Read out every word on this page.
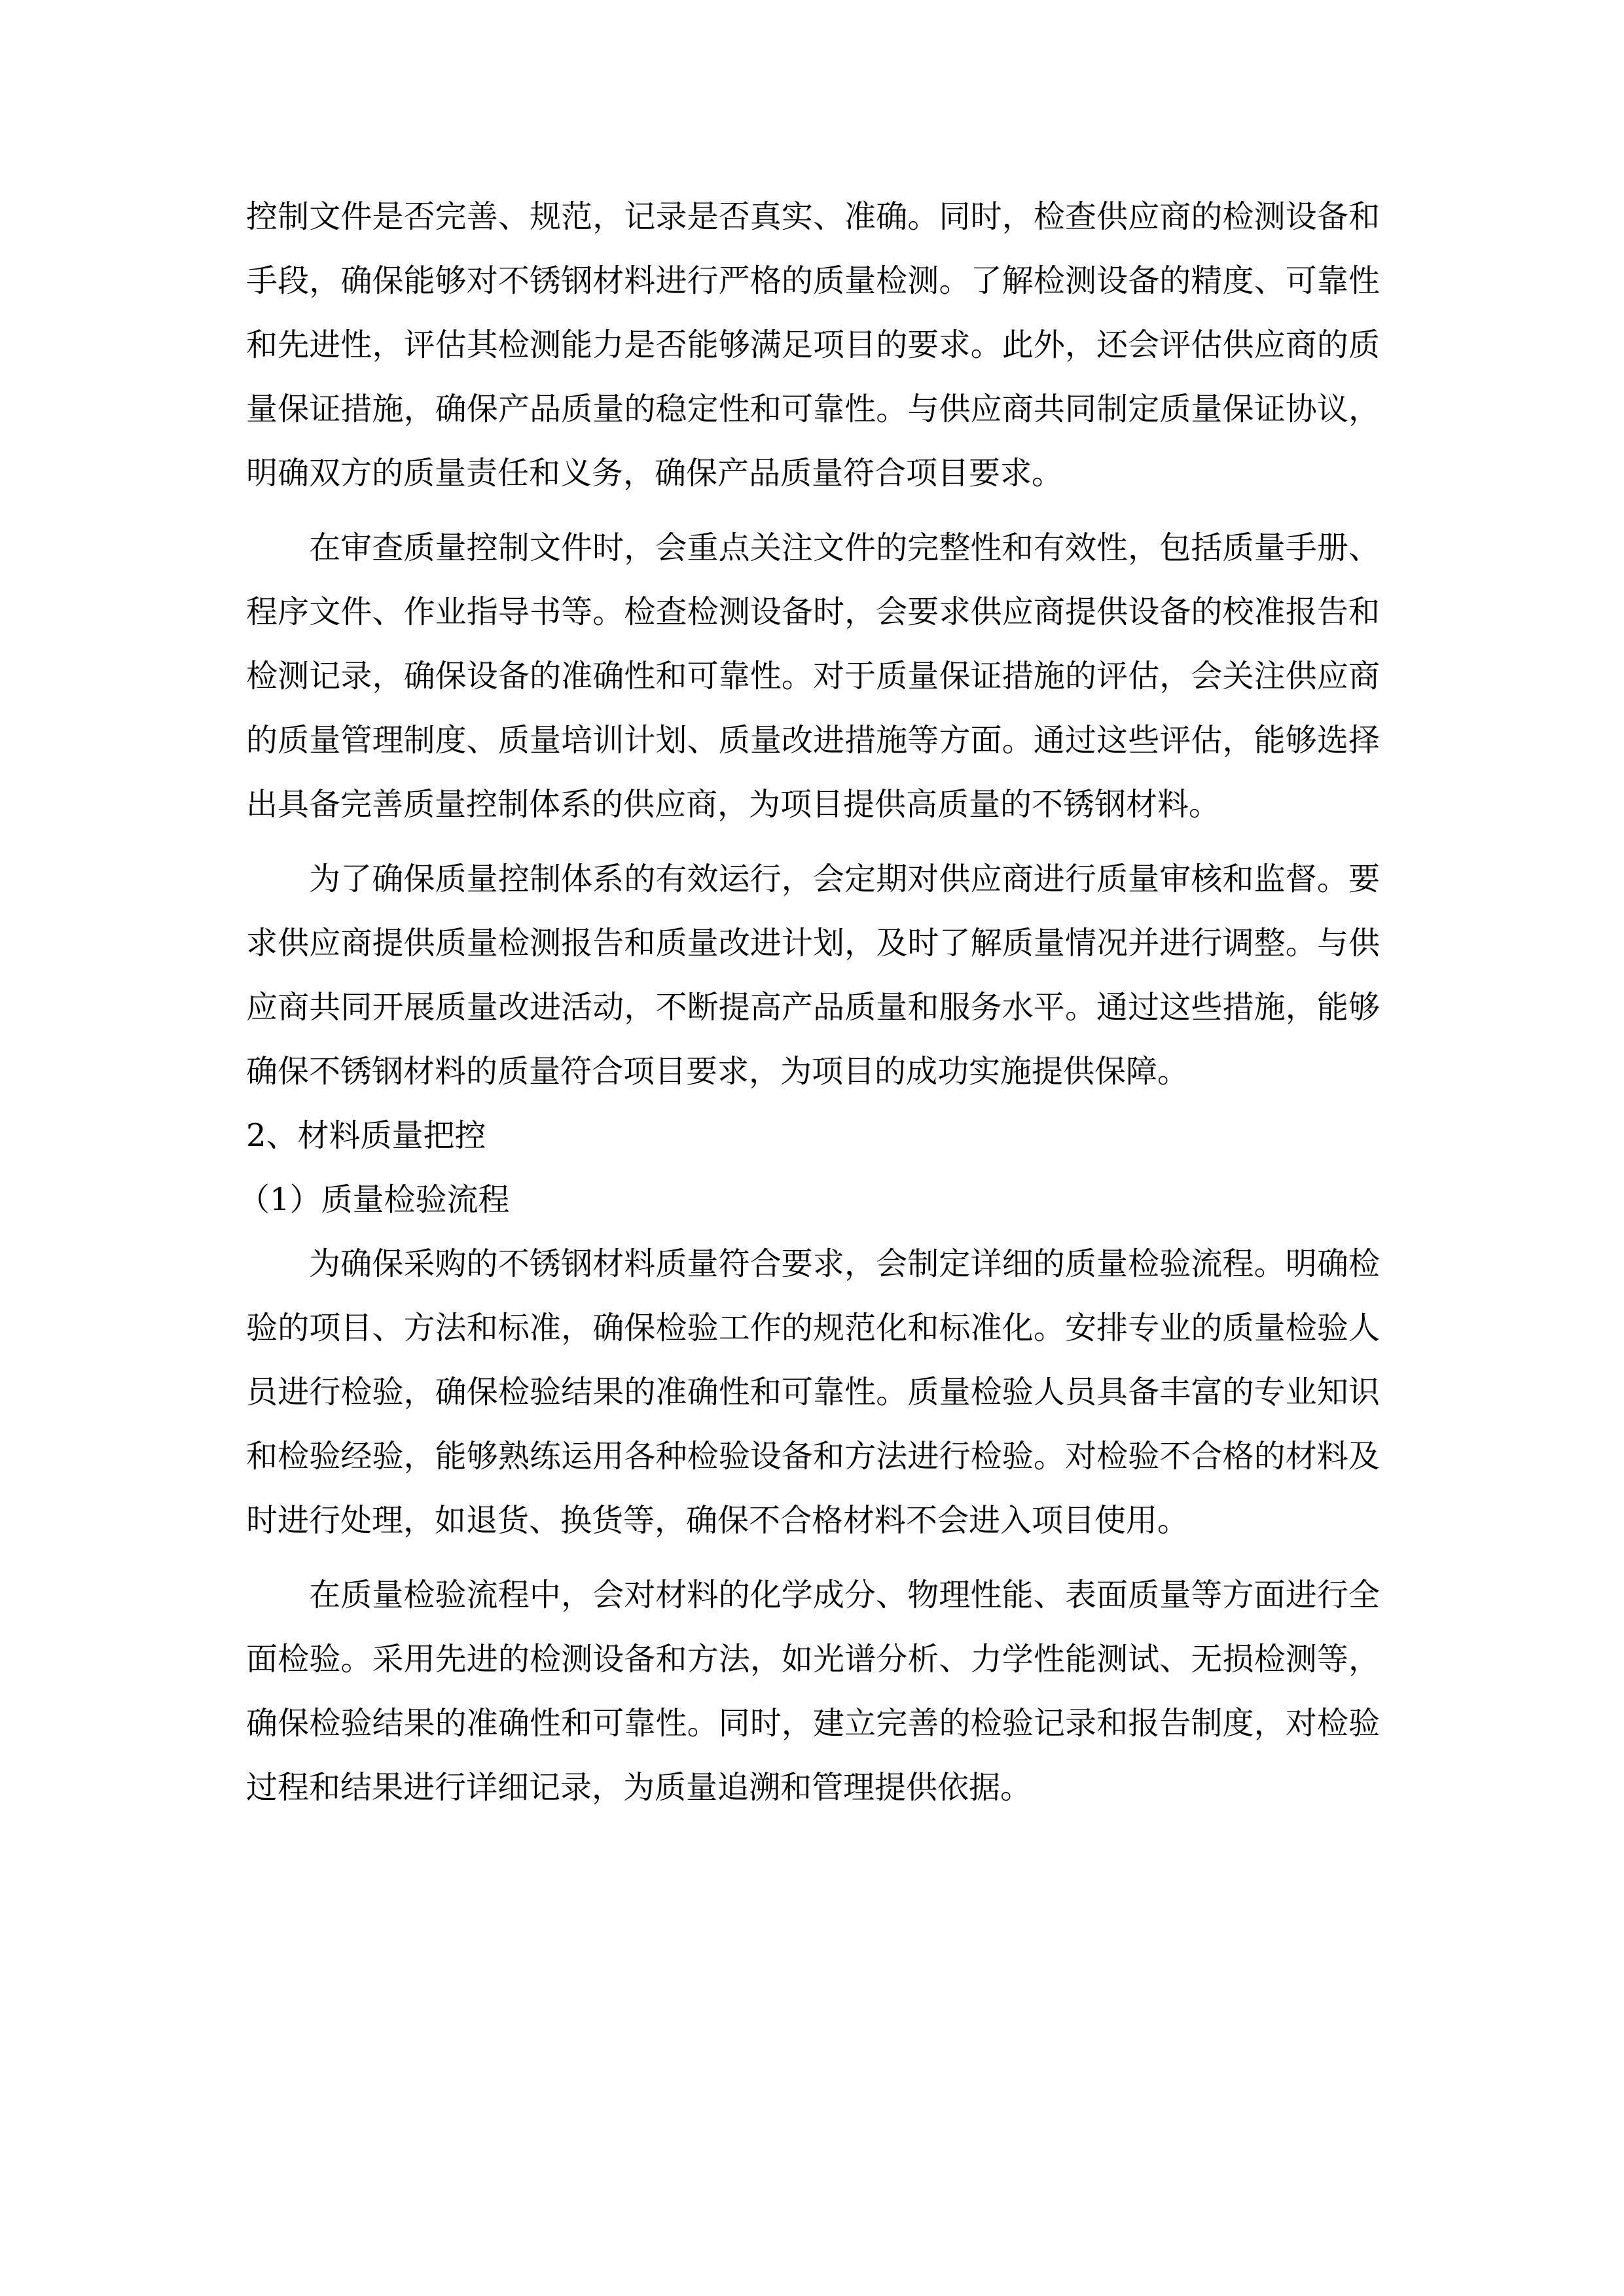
控制文件是否完善、规范，记录是否真实、准确。同时，检查供应商的检测设备和手段，确保能够对不锈钢材料进行严格的质量检测。了解检测设备的精度、可靠性和先进性，评估其检测能力是否能够满足项目的要求。此外，还会评估供应商的质量保证措施，确保产品质量的稳定性和可靠性。与供应商共同制定质量保证协议，明确双方的质量责任和义务，确保产品质量符合项目要求。

在审查质量控制文件时，会重点关注文件的完整性和有效性，包括质量手册、程序文件、作业指导书等。检查检测设备时，会要求供应商提供设备的校准报告和检测记录，确保设备的准确性和可靠性。对于质量保证措施的评估，会关注供应商的质量管理制度、质量培训计划、质量改进措施等方面。通过这些评估，能够选择出具备完善质量控制体系的供应商，为项目提供高质量的不锈钢材料。

为了确保质量控制体系的有效运行，会定期对供应商进行质量审核和监督。要求供应商提供质量检测报告和质量改进计划，及时了解质量情况并进行调整。与供应商共同开展质量改进活动，不断提高产品质量和服务水平。通过这些措施，能够确保不锈钢材料的质量符合项目要求，为项目的成功实施提供保障。

2、材料质量把控

（1）质量检验流程

为确保采购的不锈钢材料质量符合要求，会制定详细的质量检验流程。明确检验的项目、方法和标准，确保检验工作的规范化和标准化。安排专业的质量检验人员进行检验，确保检验结果的准确性和可靠性。质量检验人员具备丰富的专业知识和检验经验，能够熟练运用各种检验设备和方法进行检验。对检验不合格的材料及时进行处理，如退货、换货等，确保不合格材料不会进入项目使用。

在质量检验流程中，会对材料的化学成分、物理性能、表面质量等方面进行全面检验。采用先进的检测设备和方法，如光谱分析、力学性能测试、无损检测等，确保检验结果的准确性和可靠性。同时，建立完善的检验记录和报告制度，对检验过程和结果进行详细记录，为质量追溯和管理提供依据。
